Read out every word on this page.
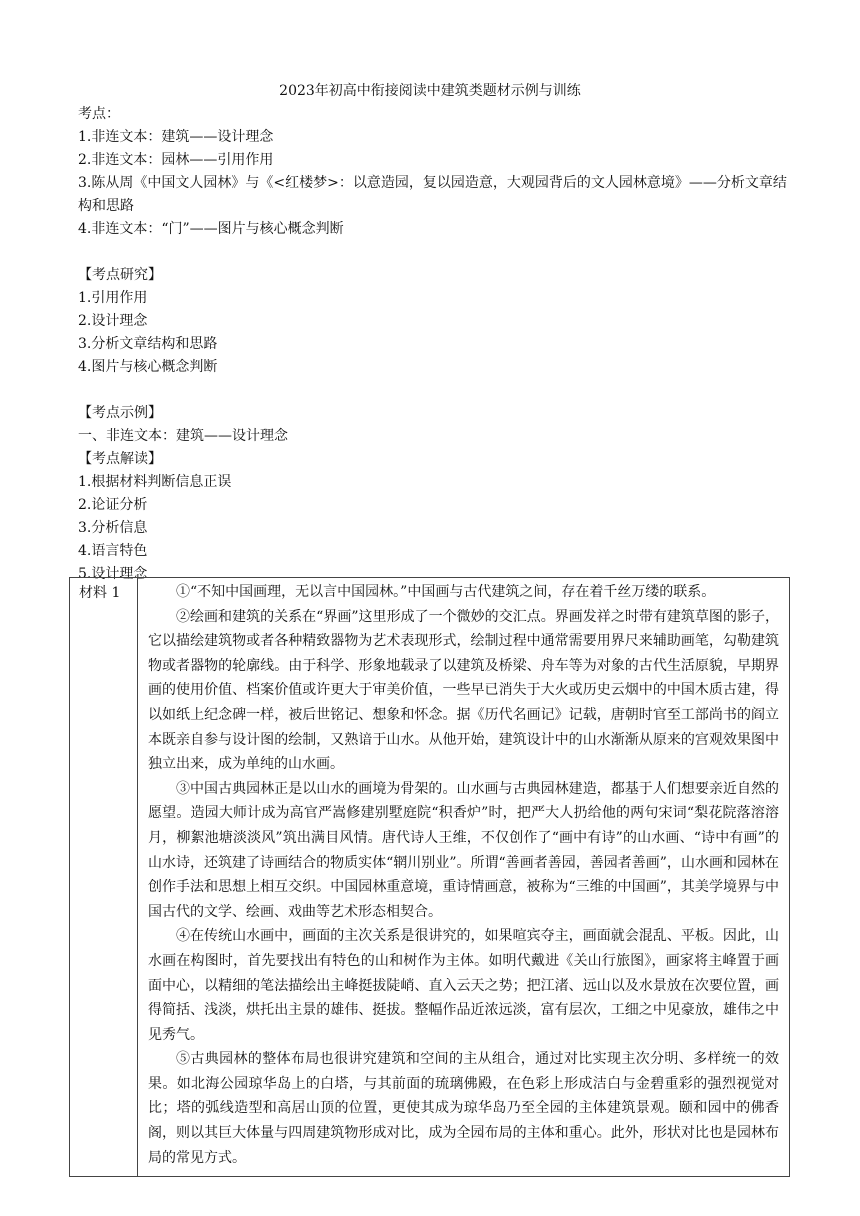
2023年初高中衔接阅读中建筑类题材示例与训练
考点：
1.非连文本：建筑——设计理念
2.非连文本：园林——引用作用
3.陈从周《中国文人园林》与《<红楼梦>：以意造园，复以园造意，大观园背后的文人园林意境》——分析文章结构和思路
4.非连文本：“门”——图片与核心概念判断
【考点研究】
1.引用作用
2.设计理念
3.分析文章结构和思路
4.图片与核心概念判断
【考点示例】
一、非连文本：建筑——设计理念
【考点解读】
1.根据材料判断信息正误
2.论证分析
3.分析信息
4.语言特色
5.设计理念
材料 1	①“不知中国画理，无以言中国园林。”中国画与古代建筑之间，存在着千丝万缕的联系。

②绘画和建筑的关系在“界画”这里形成了一个微妙的交汇点。界画发祥之时带有建筑草图的影子，它以描绘建筑物或者各种精致器物为艺术表现形式，绘制过程中通常需要用界尺来辅助画笔，勾勒建筑物或者器物的轮廓线。由于科学、形象地载录了以建筑及桥梁、舟车等为对象的古代生活原貌，早期界画的使用价值、档案价值或许更大于审美价值，一些早已消失于大火或历史云烟中的中国木质古建，得以如纸上纪念碑一样，被后世铭记、想象和怀念。据《历代名画记》记载，唐朝时官至工部尚书的阎立本既亲自参与设计图的绘制，又熟谙于山水。从他开始，建筑设计中的山水渐渐从原来的宫观效果图中独立出来，成为单纯的山水画。

③中国古典园林正是以山水的画境为骨架的。山水画与古典园林建造，都基于人们想要亲近自然的愿望。造园大师计成为高官严嵩修建别墅庭院“积香炉”时，把严大人扔给他的两句宋词“梨花院落溶溶月，柳絮池塘淡淡风”筑出满目风情。唐代诗人王维，不仅创作了“画中有诗”的山水画、“诗中有画”的山水诗，还筑建了诗画结合的物质实体“辋川别业”。所谓“善画者善园，善园者善画”，山水画和园林在创作手法和思想上相互交织。中国园林重意境，重诗情画意，被称为“三维的中国画”，其美学境界与中国古代的文学、绘画、戏曲等艺术形态相契合。

④在传统山水画中，画面的主次关系是很讲究的，如果喧宾夺主，画面就会混乱、平板。因此，山水画在构图时，首先要找出有特色的山和树作为主体。如明代戴进《关山行旅图》，画家将主峰置于画面中心，以精细的笔法描绘出主峰挺拔陡峭、直入云天之势；把江渚、远山以及水景放在次要位置，画得简括、浅淡，烘托出主景的雄伟、挺拔。整幅作品近浓远淡，富有层次，工细之中见豪放，雄伟之中见秀气。

⑤古典园林的整体布局也很讲究建筑和空间的主从组合，通过对比实现主次分明、多样统一的效果。如北海公园琼华岛上的白塔，与其前面的琉璃佛殿，在色彩上形成洁白与金碧重彩的强烈视觉对比；塔的弧线造型和高居山顶的位置，更使其成为琼华岛乃至全园的主体建筑景观。颐和园中的佛香阁，则以其巨大体量与四周建筑物形成对比，成为全园布局的主体和重心。此外，形状对比也是园林布局的常见方式。
